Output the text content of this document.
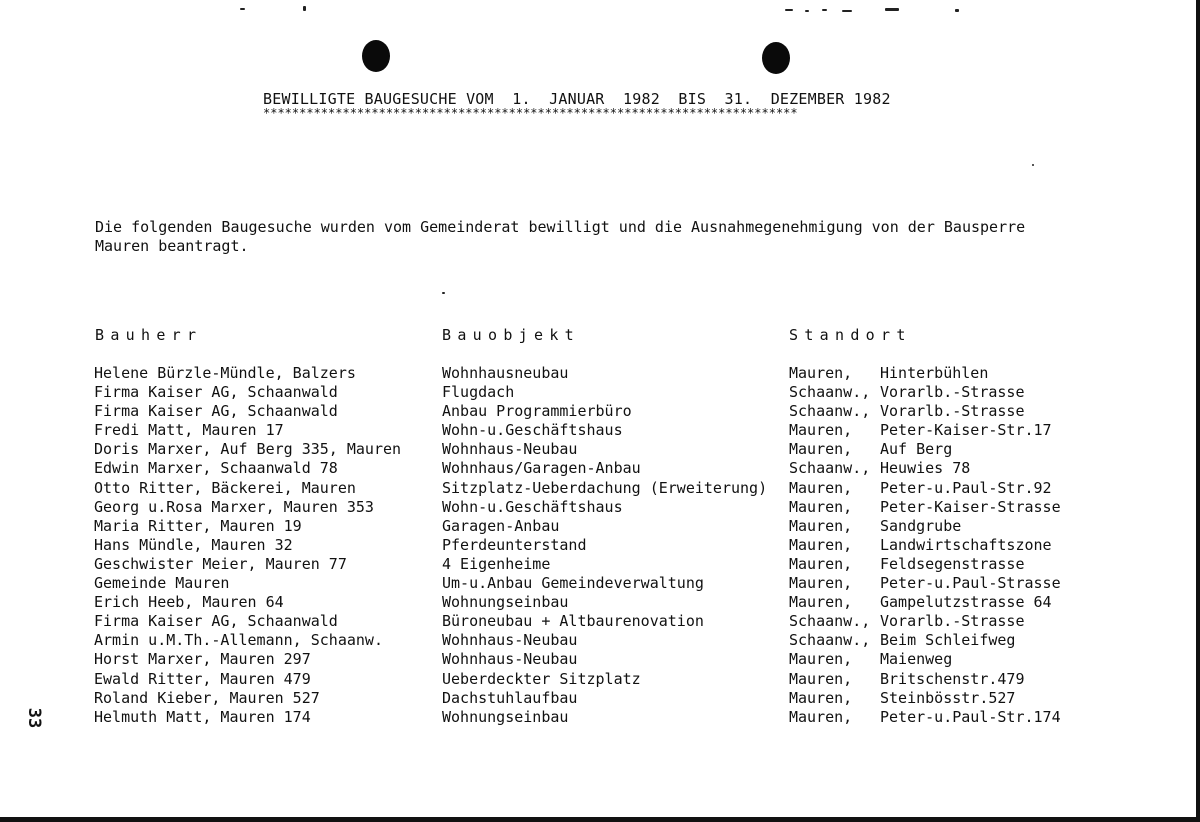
BEWILLIGTE BAUGESUCHE VOM  1.  JANUAR  1982  BIS  31.  DEZEMBER 1982
**************************************************************************
Die folgenden Baugesuche wurden vom Gemeinderat bewilligt und die Ausnahmegenehmigung von der Bausperre
Mauren beantragt.
Bauherr	Bauobjekt	Standort
Helene Bürzle-Mündle, Balzers	Wohnhausneubau	Mauren, Hinterbühlen
Firma Kaiser AG, Schaanwald	Flugdach	Schaanw., Vorarlb.-Strasse
Firma Kaiser AG, Schaanwald	Anbau Programmierbüro	Schaanw., Vorarlb.-Strasse
Fredi Matt, Mauren 17	Wohn-u.Geschäftshaus	Mauren, Peter-Kaiser-Str.17
Doris Marxer, Auf Berg 335, Mauren	Wohnhaus-Neubau	Mauren, Auf Berg
Edwin Marxer, Schaanwald 78	Wohnhaus/Garagen-Anbau	Schaanw., Heuwies 78
Otto Ritter, Bäckerei, Mauren	Sitzplatz-Ueberdachung (Erweiterung) Mauren, Peter-u.Paul-Str.92
Georg u.Rosa Marxer, Mauren 353	Wohn-u.Geschäftshaus	Mauren, Peter-Kaiser-Strasse
Maria Ritter, Mauren 19	Garagen-Anbau	Mauren, Sandgrube
Hans Mündle, Mauren 32	Pferdeunterstand	Mauren, Landwirtschaftszone
Geschwister Meier, Mauren 77	4 Eigenheime	Mauren, Feldsegenstrasse
Gemeinde Mauren	Um-u.Anbau Gemeindeverwaltung	Mauren, Peter-u.Paul-Strasse
Erich Heeb, Mauren 64	Wohnungseinbau	Mauren, Gampelutzstrasse 64
Firma Kaiser AG, Schaanwald	Büroneubau + Altbaurenovation	Schaanw., Vorarlb.-Strasse
Armin u.M.Th.-Allemann, Schaanw.	Wohnhaus-Neubau	Schaanw., Beim Schleifweg
Horst Marxer, Mauren 297	Wohnhaus-Neubau	Mauren, Maienweg
Ewald Ritter, Mauren 479	Ueberdeckter Sitzplatz	Mauren, Britschenstr.479
Roland Kieber, Mauren 527	Dachstuhlaufbau	Mauren, Steinbösstr.527
Helmuth Matt, Mauren 174	Wohnungseinbau	Mauren, Peter-u.Paul-Str.174
33
